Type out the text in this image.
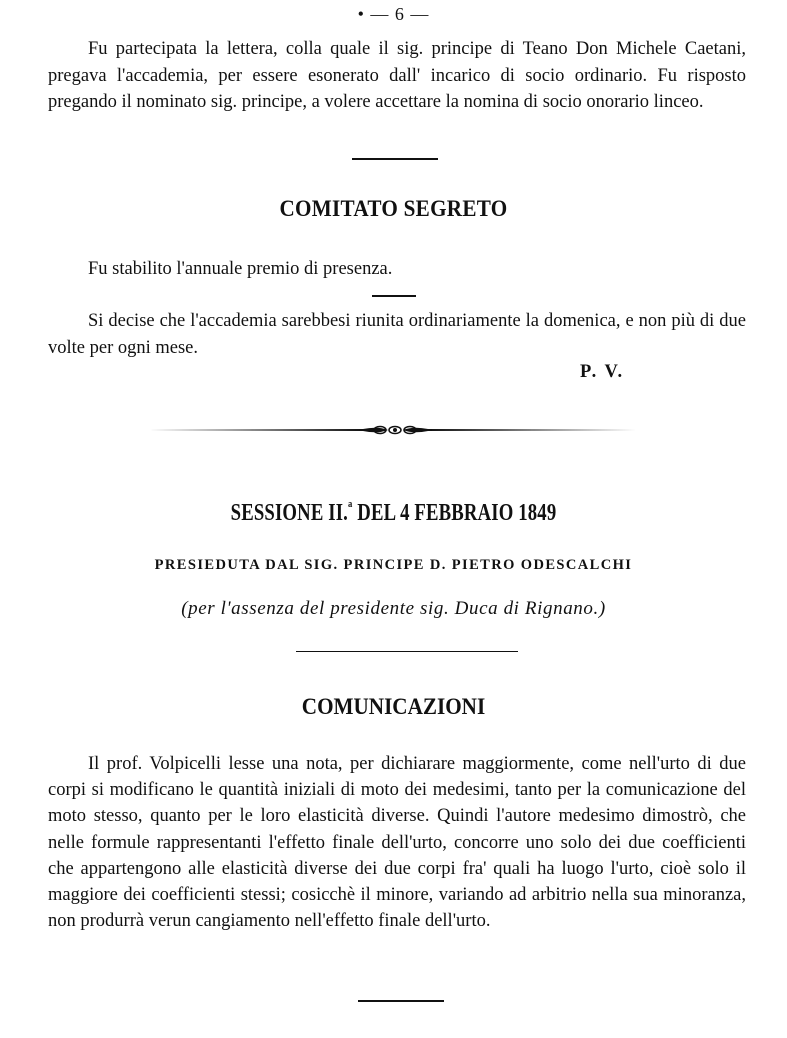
• — 6 —

Fu partecipata la lettera, colla quale il sig. principe di Teano Don Michele Caetani, pregava l'accademia, per essere esonerato dall' incarico di socio ordinario. Fu risposto pregando il nominato sig. principe, a volere accettare la nomina di socio onorario linceo.

COMITATO SEGRETO

Fu stabilito l'annuale premio di presenza.

Si decise che l'accademia sarebbesi riunita ordinariamente la domenica, e non più di due volte per ogni mese.

P. V.
SESSIONE II.$^a$ DEL 4 FEBBRAIO 1849
PRESIEDUTA DAL SIG. PRINCIPE D. PIETRO ODESCALCHI
(per l'assenza del presidente sig. Duca di Rignano.)
COMUNICAZIONI

Il prof. Volpicelli lesse una nota, per dichiarare maggiormente, come nell'urto di due corpi si modificano le quantità iniziali di moto dei medesimi, tanto per la comunicazione del moto stesso, quanto per le loro elasticità diverse. Quindi l'autore medesimo dimostrò, che nelle formule rappresentanti l'effetto finale dell'urto, concorre uno solo dei due coefficienti che appartengono alle elasticità diverse dei due corpi fra' quali ha luogo l'urto, cioè solo il maggiore dei coefficienti stessi; cosicchè il minore, variando ad arbitrio nella sua minoranza, non produrrà verun cangiamento nell'effetto finale dell'urto.
